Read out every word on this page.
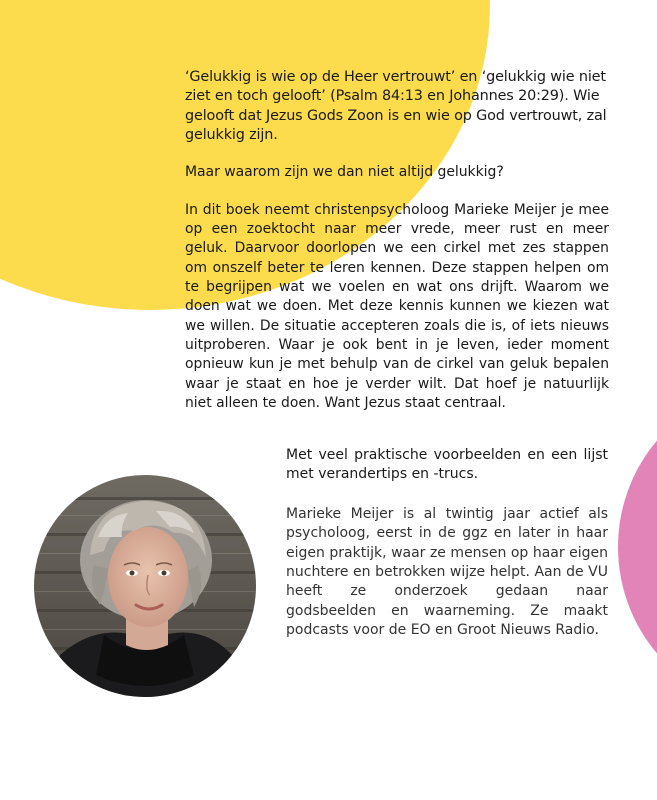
‘Gelukkig is wie op de Heer vertrouwt’ en ‘gelukkig wie niet ziet en toch gelooft’ (Psalm 84:13 en Johannes 20:29). Wie gelooft dat Jezus Gods Zoon is en wie op God vertrouwt, zal gelukkig zijn.

Maar waarom zijn we dan niet altijd gelukkig?

In dit boek neemt christenpsycholoog Marieke Meijer je mee op een zoektocht naar meer vrede, meer rust en meer geluk. Daarvoor doorlopen we een cirkel met zes stappen om onszelf beter te leren kennen. Deze stappen helpen om te begrijpen wat we voelen en wat ons drijft. Waarom we doen wat we doen. Met deze kennis kunnen we kiezen wat we willen. De situatie accepteren zoals die is, of iets nieuws uitproberen. Waar je ook bent in je leven, ieder moment opnieuw kun je met behulp van de cirkel van geluk bepalen waar je staat en hoe je verder wilt. Dat hoef je natuurlijk niet alleen te doen. Want Jezus staat centraal.

Met veel praktische voorbeelden en een lijst met verandertips en -trucs.

Marieke Meijer is al twintig jaar actief als psycholoog, eerst in de ggz en later in haar eigen praktijk, waar ze mensen op haar eigen nuchtere en betrokken wijze helpt. Aan de VU heeft ze onderzoek gedaan naar godsbeelden en waarneming. Ze maakt podcasts voor de EO en Groot Nieuws Radio.
